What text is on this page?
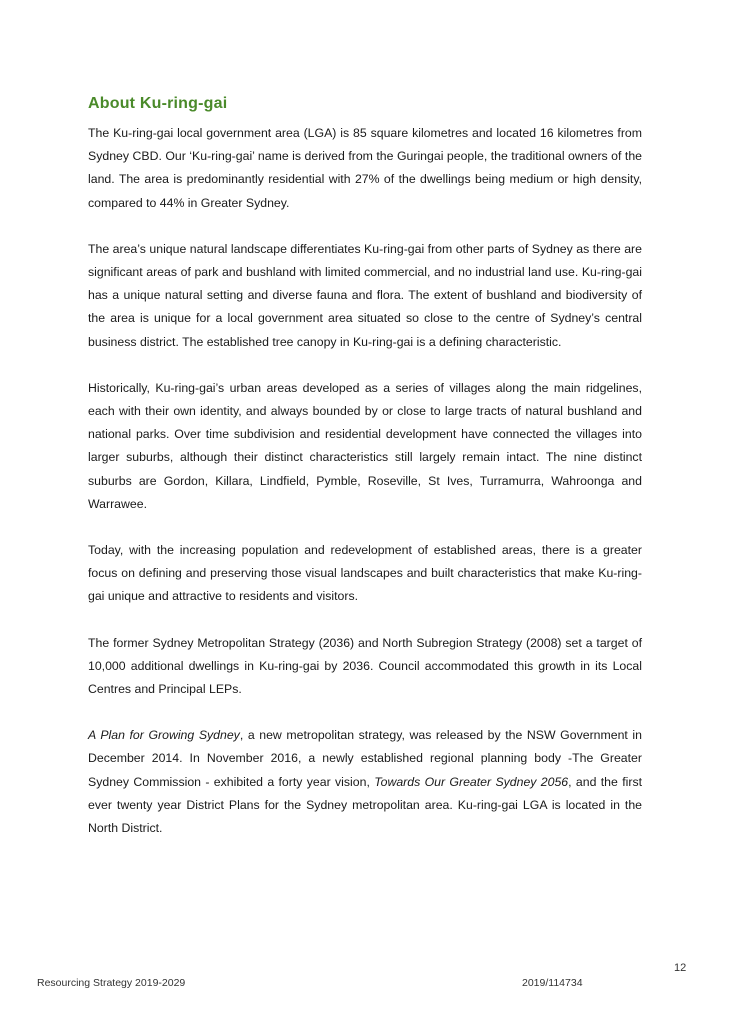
About Ku-ring-gai

The Ku-ring-gai local government area (LGA) is 85 square kilometres and located 16 kilometres from Sydney CBD. Our ‘Ku-ring-gai’ name is derived from the Guringai people, the traditional owners of the land. The area is predominantly residential with 27% of the dwellings being medium or high density, compared to 44% in Greater Sydney.

The area’s unique natural landscape differentiates Ku-ring-gai from other parts of Sydney as there are significant areas of park and bushland with limited commercial, and no industrial land use. Ku-ring-gai has a unique natural setting and diverse fauna and flora. The extent of bushland and biodiversity of the area is unique for a local government area situated so close to the centre of Sydney’s central business district. The established tree canopy in Ku-ring-gai is a defining characteristic.

Historically, Ku-ring-gai’s urban areas developed as a series of villages along the main ridgelines, each with their own identity, and always bounded by or close to large tracts of natural bushland and national parks. Over time subdivision and residential development have connected the villages into larger suburbs, although their distinct characteristics still largely remain intact. The nine distinct suburbs are Gordon, Killara, Lindfield, Pymble, Roseville, St Ives, Turramurra, Wahroonga and Warrawee.

Today, with the increasing population and redevelopment of established areas, there is a greater focus on defining and preserving those visual landscapes and built characteristics that make Ku-ring-gai unique and attractive to residents and visitors.

The former Sydney Metropolitan Strategy (2036) and North Subregion Strategy (2008) set a target of 10,000 additional dwellings in Ku-ring-gai by 2036. Council accommodated this growth in its Local Centres and Principal LEPs.

A Plan for Growing Sydney, a new metropolitan strategy, was released by the NSW Government in December 2014. In November 2016, a newly established regional planning body -The Greater Sydney Commission - exhibited a forty year vision, Towards Our Greater Sydney 2056, and the first ever twenty year District Plans for the Sydney metropolitan area. Ku-ring-gai LGA is located in the North District.

12
Resourcing Strategy 2019-2029	2019/114734
